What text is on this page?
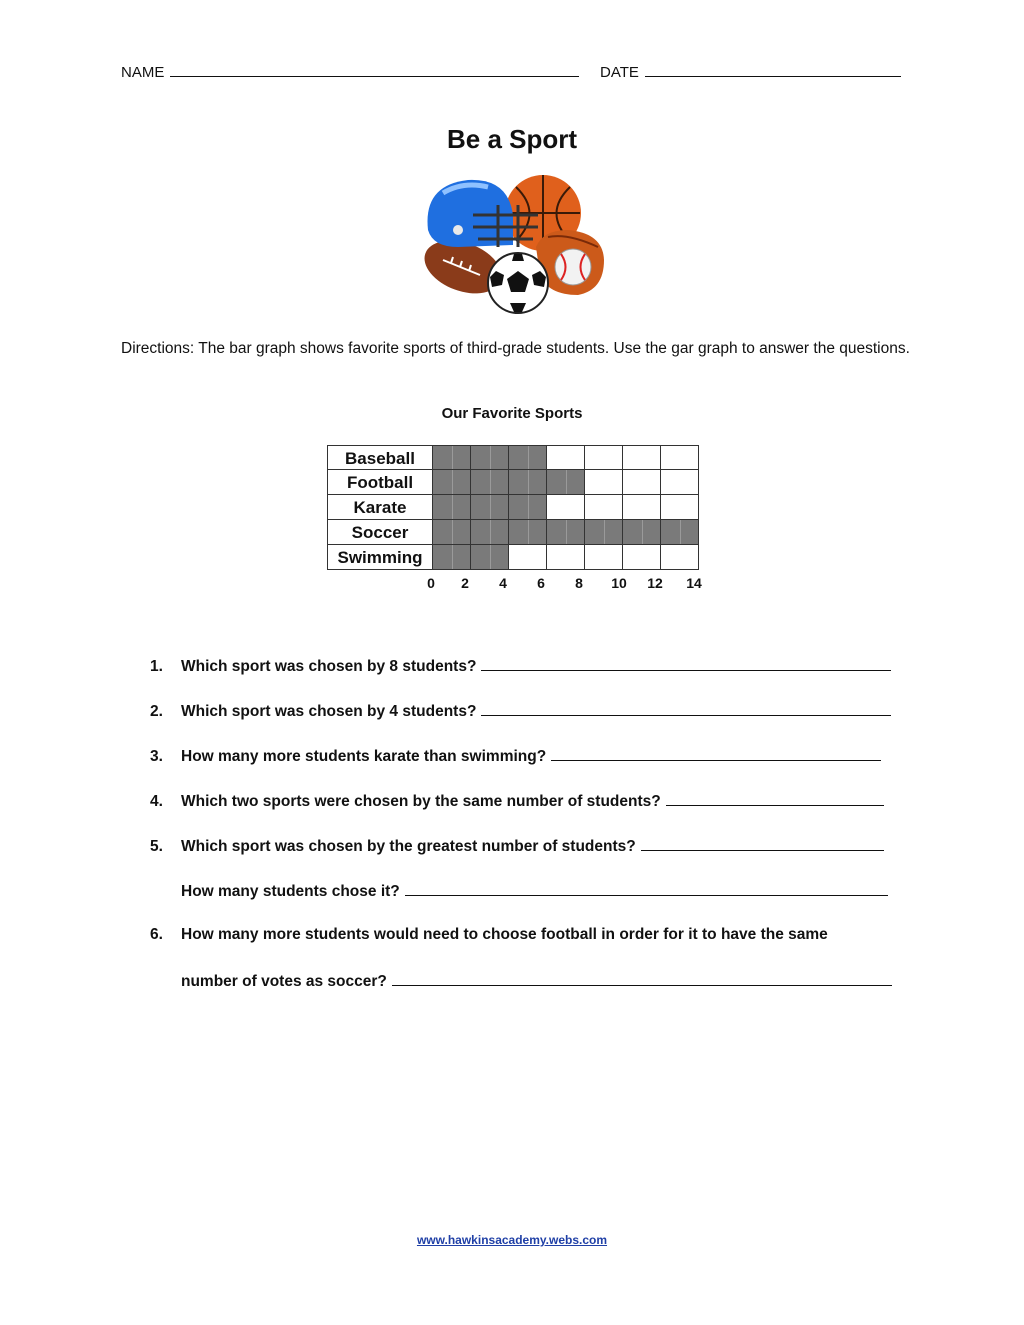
NAME	DATE
Be a Sport
Directions: The bar graph shows favorite sports of third-grade students. Use the gar graph to answer the questions.
Our Favorite Sports
Baseball
Football
Karate
Soccer
Swimming
0 2 4 6 8 10 12 14
1. Which sport was chosen by 8 students?
2. Which sport was chosen by 4 students?
3. How many more students karate than swimming?
4. Which two sports were chosen by the same number of students?
5. Which sport was chosen by the greatest number of students?
How many students chose it?
6. How many more students would need to choose football in order for it to have the same
number of votes as soccer?
www.hawkinsacademy.webs.com
